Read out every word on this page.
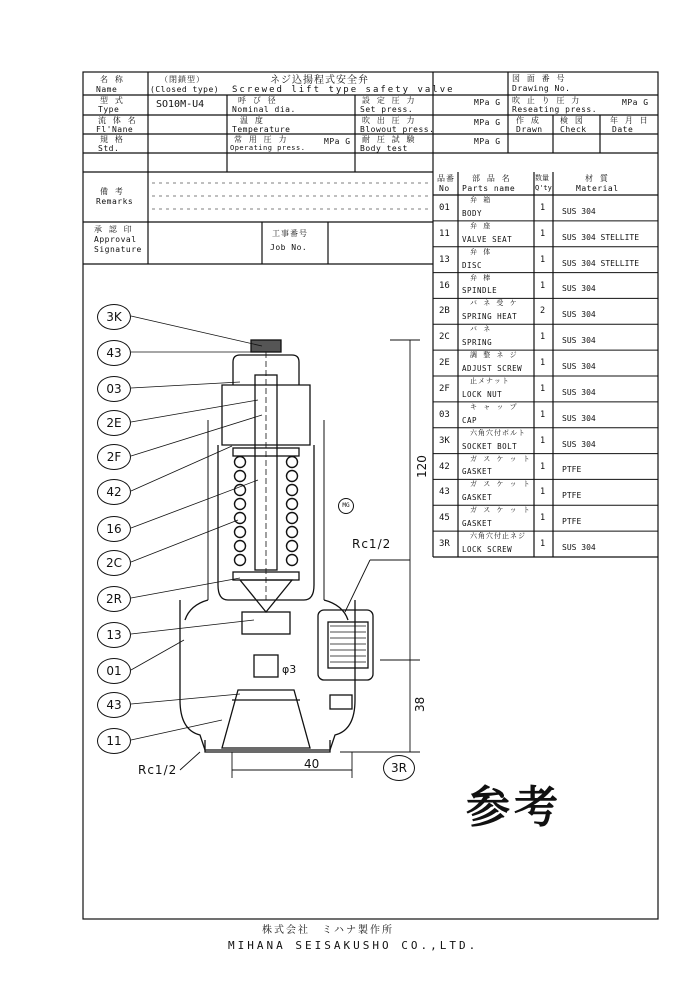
名 称
Name
（閉鎖型）
(Closed type)
ネジ込揚程式安全弁
Screwed lift type safety valve
図 面 番 号
Drawing No.
型 式
Type	SO10M-U4	呼 び 径
Nominal dia.
設 定 圧 力
Set press.
MPa G 吹 止 り 圧 力
Reseating press.
MPa G
流 体 名
Fl'Nane
温 度
Temperature
吹 出 圧 力
Blowout press.
MPa G 作 成
Drawn
検 図
Check
年 月 日
Date
規 格
Std.
常 用 圧 力
Operating press.
MPa G 耐 圧 試 験
Body test
MPa G
備 考
Remarks
承 認 印
Approval
Signature
工事番号
Job No.
品番
No
部 品 名
Parts name
数量
Q'ty
材 質
Material
01
弁 箱
BODY
1 SUS 304
11
弁 座
VALVE SEAT
1 SUS 304 STELLITE
13
弁 体
DISC
1 SUS 304 STELLITE
16
弁 棒
SPINDLE
1 SUS 304
2B
バ ネ 受 ケ
SPRING HEAT
2 SUS 304
2C
バ ネ
SPRING
1 SUS 304
2E
調 整 ネ ジ
ADJUST SCREW
1 SUS 304
2F
止メナット
LOCK NUT
1 SUS 304
03
キ ャ ッ プ
CAP
1 SUS 304
3K
六角穴付ボルト
SOCKET BOLT
1 SUS 304
42
ガ ス ケ ッ ト
GASKET
1 PTFE
43
ガ ス ケ ッ ト
GASKET
1 PTFE
45
ガ ス ケ ッ ト
GASKET
1 PTFE
3R
六角穴付止ネジ
LOCK SCREW
1 SUS 304
120
38
40
Rc1/2
Rc1/2
φ3
MG
3K
43
03
2E
2F
42
16
2C
2R
13
01
43
11
3R
参考
株式会社　ミハナ製作所
MIHANA SEISAKUSHO CO.,LTD.
